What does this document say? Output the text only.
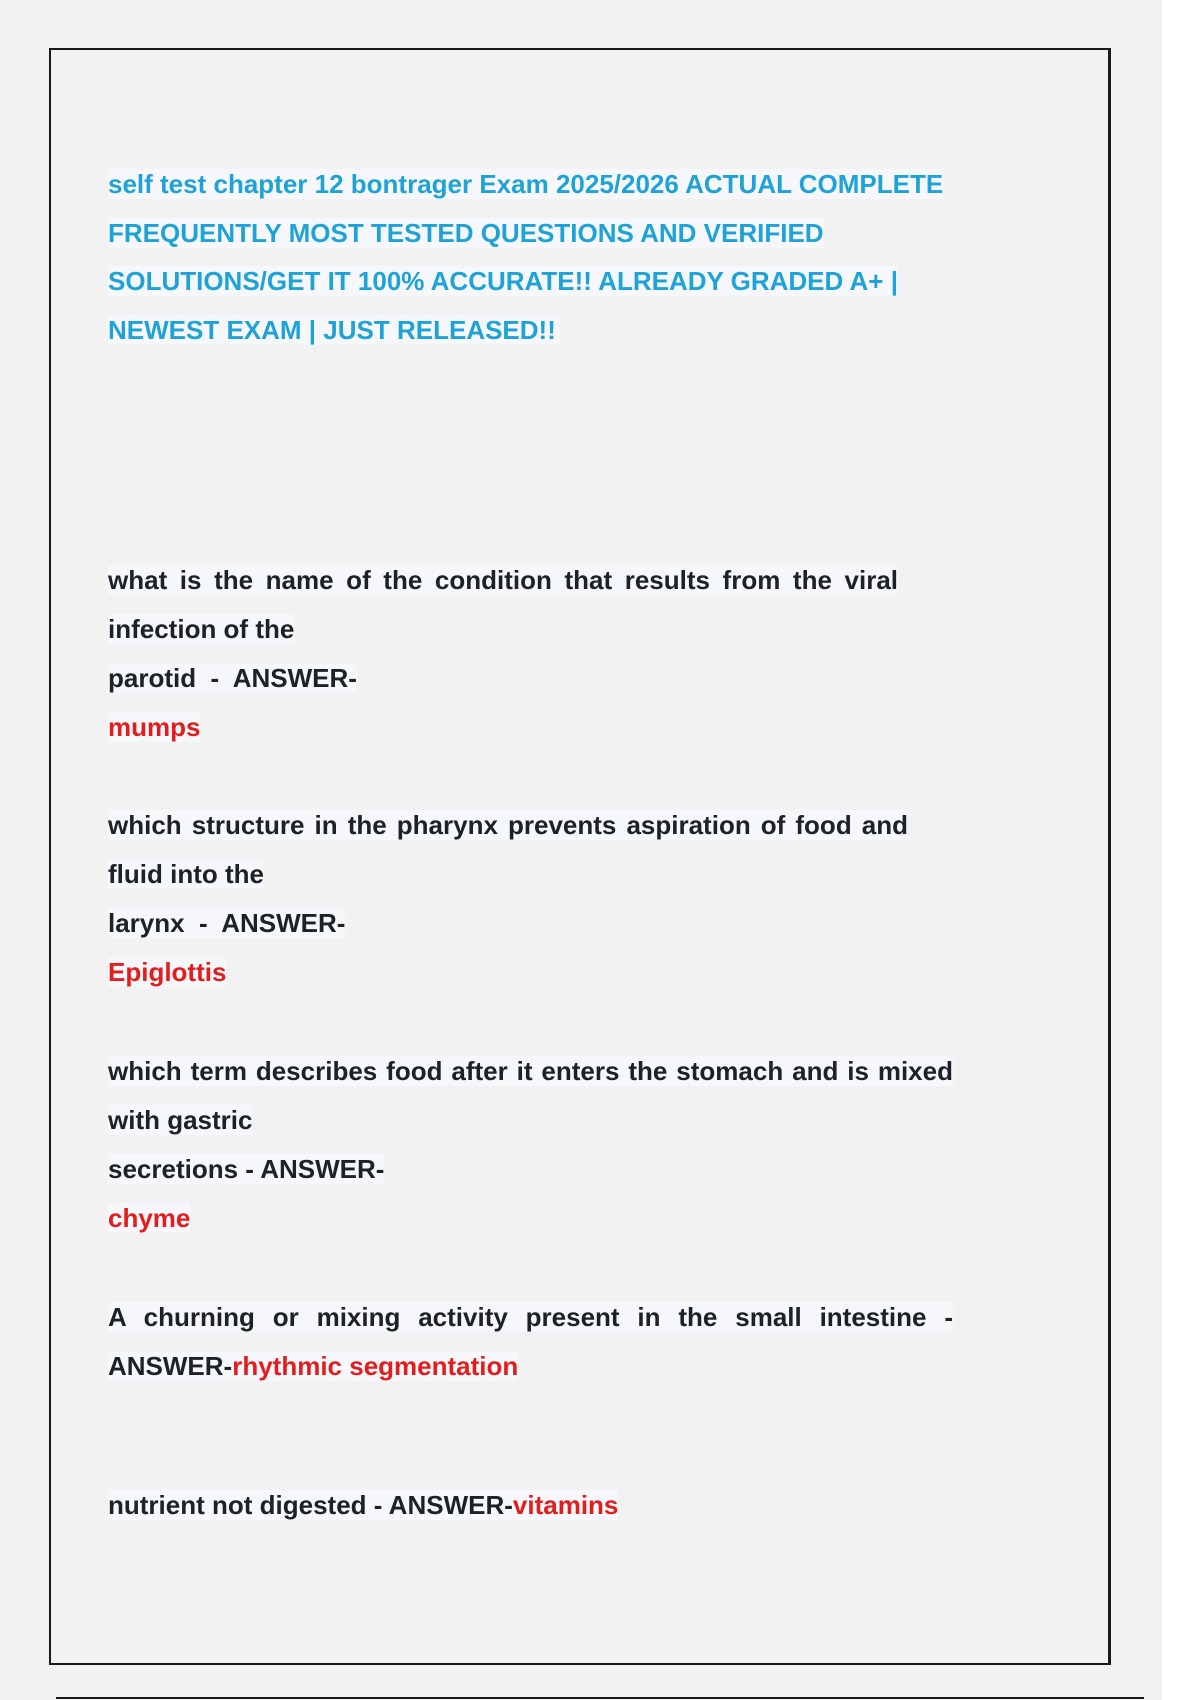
self test chapter 12 bontrager Exam 2025/2026 ACTUAL COMPLETE FREQUENTLY MOST TESTED QUESTIONS AND VERIFIED SOLUTIONS/GET IT 100% ACCURATE!! ALREADY GRADED A+ | NEWEST EXAM | JUST RELEASED!!
what is the name of the condition that results from the viral infection of the
parotid  -  ANSWER-
mumps
which structure in the pharynx prevents aspiration of food and fluid into the
larynx  -  ANSWER-
Epiglottis
which term describes food after it enters the stomach and is mixed with gastric
secretions - ANSWER-
chyme
A churning or mixing activity present in the small intestine - ANSWER-rhythmic segmentation
nutrient not digested - ANSWER-vitamins
